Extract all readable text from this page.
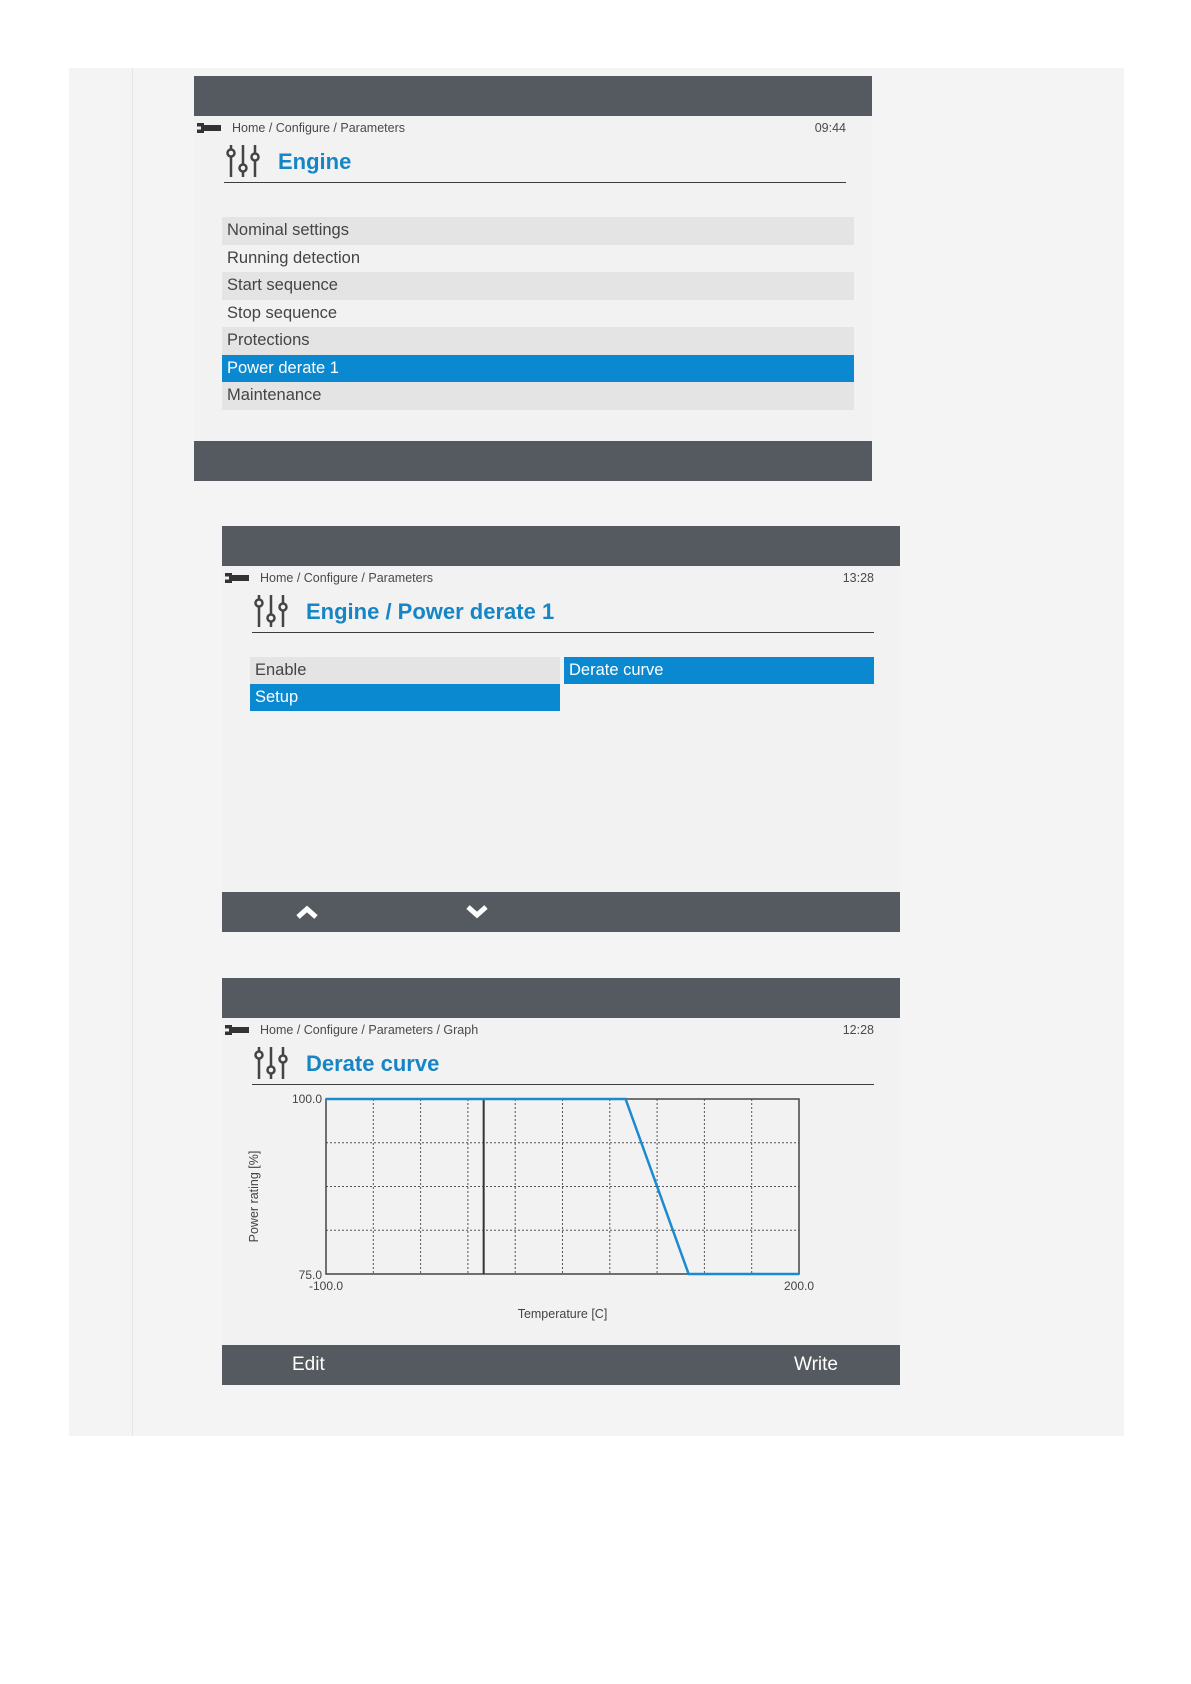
Home / Configure / Parameters	09:44
Engine
Nominal settings
Running detection
Start sequence
Stop sequence
Protections
Power derate 1
Maintenance
Home / Configure / Parameters	13:28
Engine / Power derate 1
Enable	Derate curve
Setup
Home / Configure / Parameters / Graph	12:28
Derate curve
100.0
75.0
-100.0	200.0
Temperature [C]
Power rating [%]
Edit	Write
